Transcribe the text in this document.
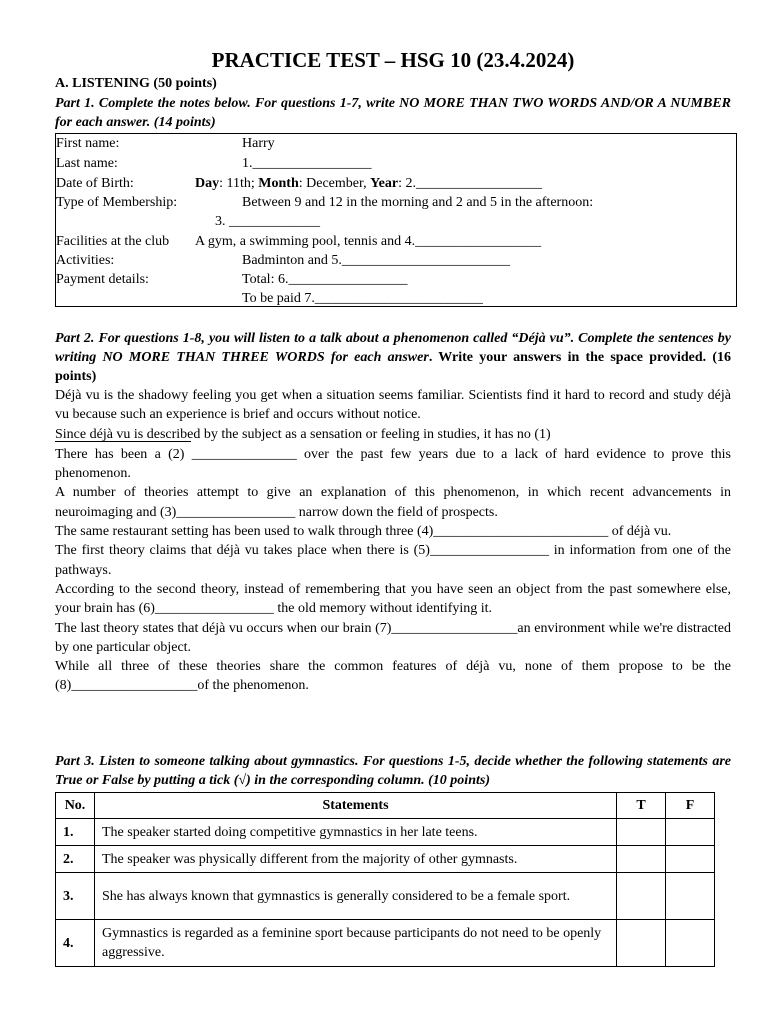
PRACTICE TEST – HSG 10 (23.4.2024)
A. LISTENING (50 points)
Part 1. Complete the notes below. For questions 1-7, write NO MORE THAN TWO WORDS AND/OR A NUMBER for each answer. (14 points)
First name:	Harry
Last name:	1._________________
Date of Birth:	Day: 11th; Month: December, Year: 2.__________________
Type of Membership:	Between 9 and 12 in the morning and 2 and 5 in the afternoon:
3. _____________
Facilities at the club A gym, a swimming pool, tennis and 4.__________________
Activities:	Badminton and 5.________________________
Payment details:	Total: 6._________________
To be paid 7.________________________
Part 2. For questions 1-8, you will listen to a talk about a phenomenon called “Déjà vu”. Complete the sentences by writing NO MORE THAN THREE WORDS for each answer. Write your answers in the space provided. (16 points)

Déjà vu is the shadowy feeling you get when a situation seems familiar. Scientists find it hard to record and study déjà vu because such an experience is brief and occurs without notice.

Since déjà vu is described by the subject as a sensation or feeling in studies, it has no (1)

There has been a (2) _______________ over the past few years due to a lack of hard evidence to prove this phenomenon.

A number of theories attempt to give an explanation of this phenomenon, in which recent advancements in neuroimaging and (3)_________________ narrow down the field of prospects.

The same restaurant setting has been used to walk through three (4)_________________________ of déjà vu.

The first theory claims that déjà vu takes place when there is (5)_________________ in information from one of the pathways.

According to the second theory, instead of remembering that you have seen an object from the past somewhere else, your brain has (6)_________________ the old memory without identifying it.

The last theory states that déjà vu occurs when our brain (7)__________________an environment while we're distracted by one particular object.

While all three of these theories share the common features of déjà vu, none of them propose to be the (8)__________________of the phenomenon.

Part 3. Listen to someone talking about gymnastics. For questions 1-5, decide whether the following statements are True or False by putting a tick (√) in the corresponding column. (10 points)
No.	Statements	T	F
1.	The speaker started doing competitive gymnastics in her late teens.		
2.	The speaker was physically different from the majority of other gymnasts.		
3.	She has always known that gymnastics is generally considered to be a female sport.		
4.	Gymnastics is regarded as a feminine sport because participants do not need to be openly aggressive.		
